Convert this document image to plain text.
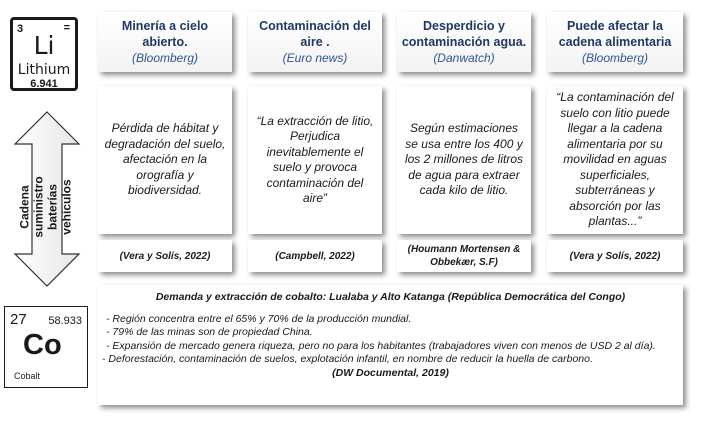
3	=
Li
Lithium
6.941
Cadena suministro baterías vehículos
27 58.933
Co
Cobalt
Minería a cielo abierto.
(Bloomberg)
Pérdida de hábitat y degradación del suelo, afectación en la orografía y biodiversidad.
(Vera y Solís, 2022)
Contaminación del aire .
(Euro news)
“La extracción de litio, Perjudica inevitablemente el suelo y provoca contaminación del aire”
(Campbell, 2022)
Desperdicio y contaminación agua.
(Danwatch)
Según estimaciones se usa entre los 400 y los 2 millones de litros de agua para extraer cada kilo de litio.
(Houmann Mortensen & Obbekær, S.F)
Puede afectar la cadena alimentaria
(Bloomberg)
“La contaminación del suelo con litio puede llegar a la cadena alimentaria por su movilidad en aguas superficiales, subterráneas y absorción por las plantas...”
(Vera y Solís, 2022)
Demanda y extracción de cobalto: Lualaba y Alto Katanga (República Democrática del Congo)
- Región concentra entre el 65% y 70% de la producción mundial.
- 79% de las minas son de propiedad China.
- Expansión de mercado genera riqueza, pero no para los habitantes (trabajadores viven con menos de USD 2 al día).
- Deforestación, contaminación de suelos, explotación infantil, en nombre de reducir la huella de carbono.
(DW Documental, 2019)
